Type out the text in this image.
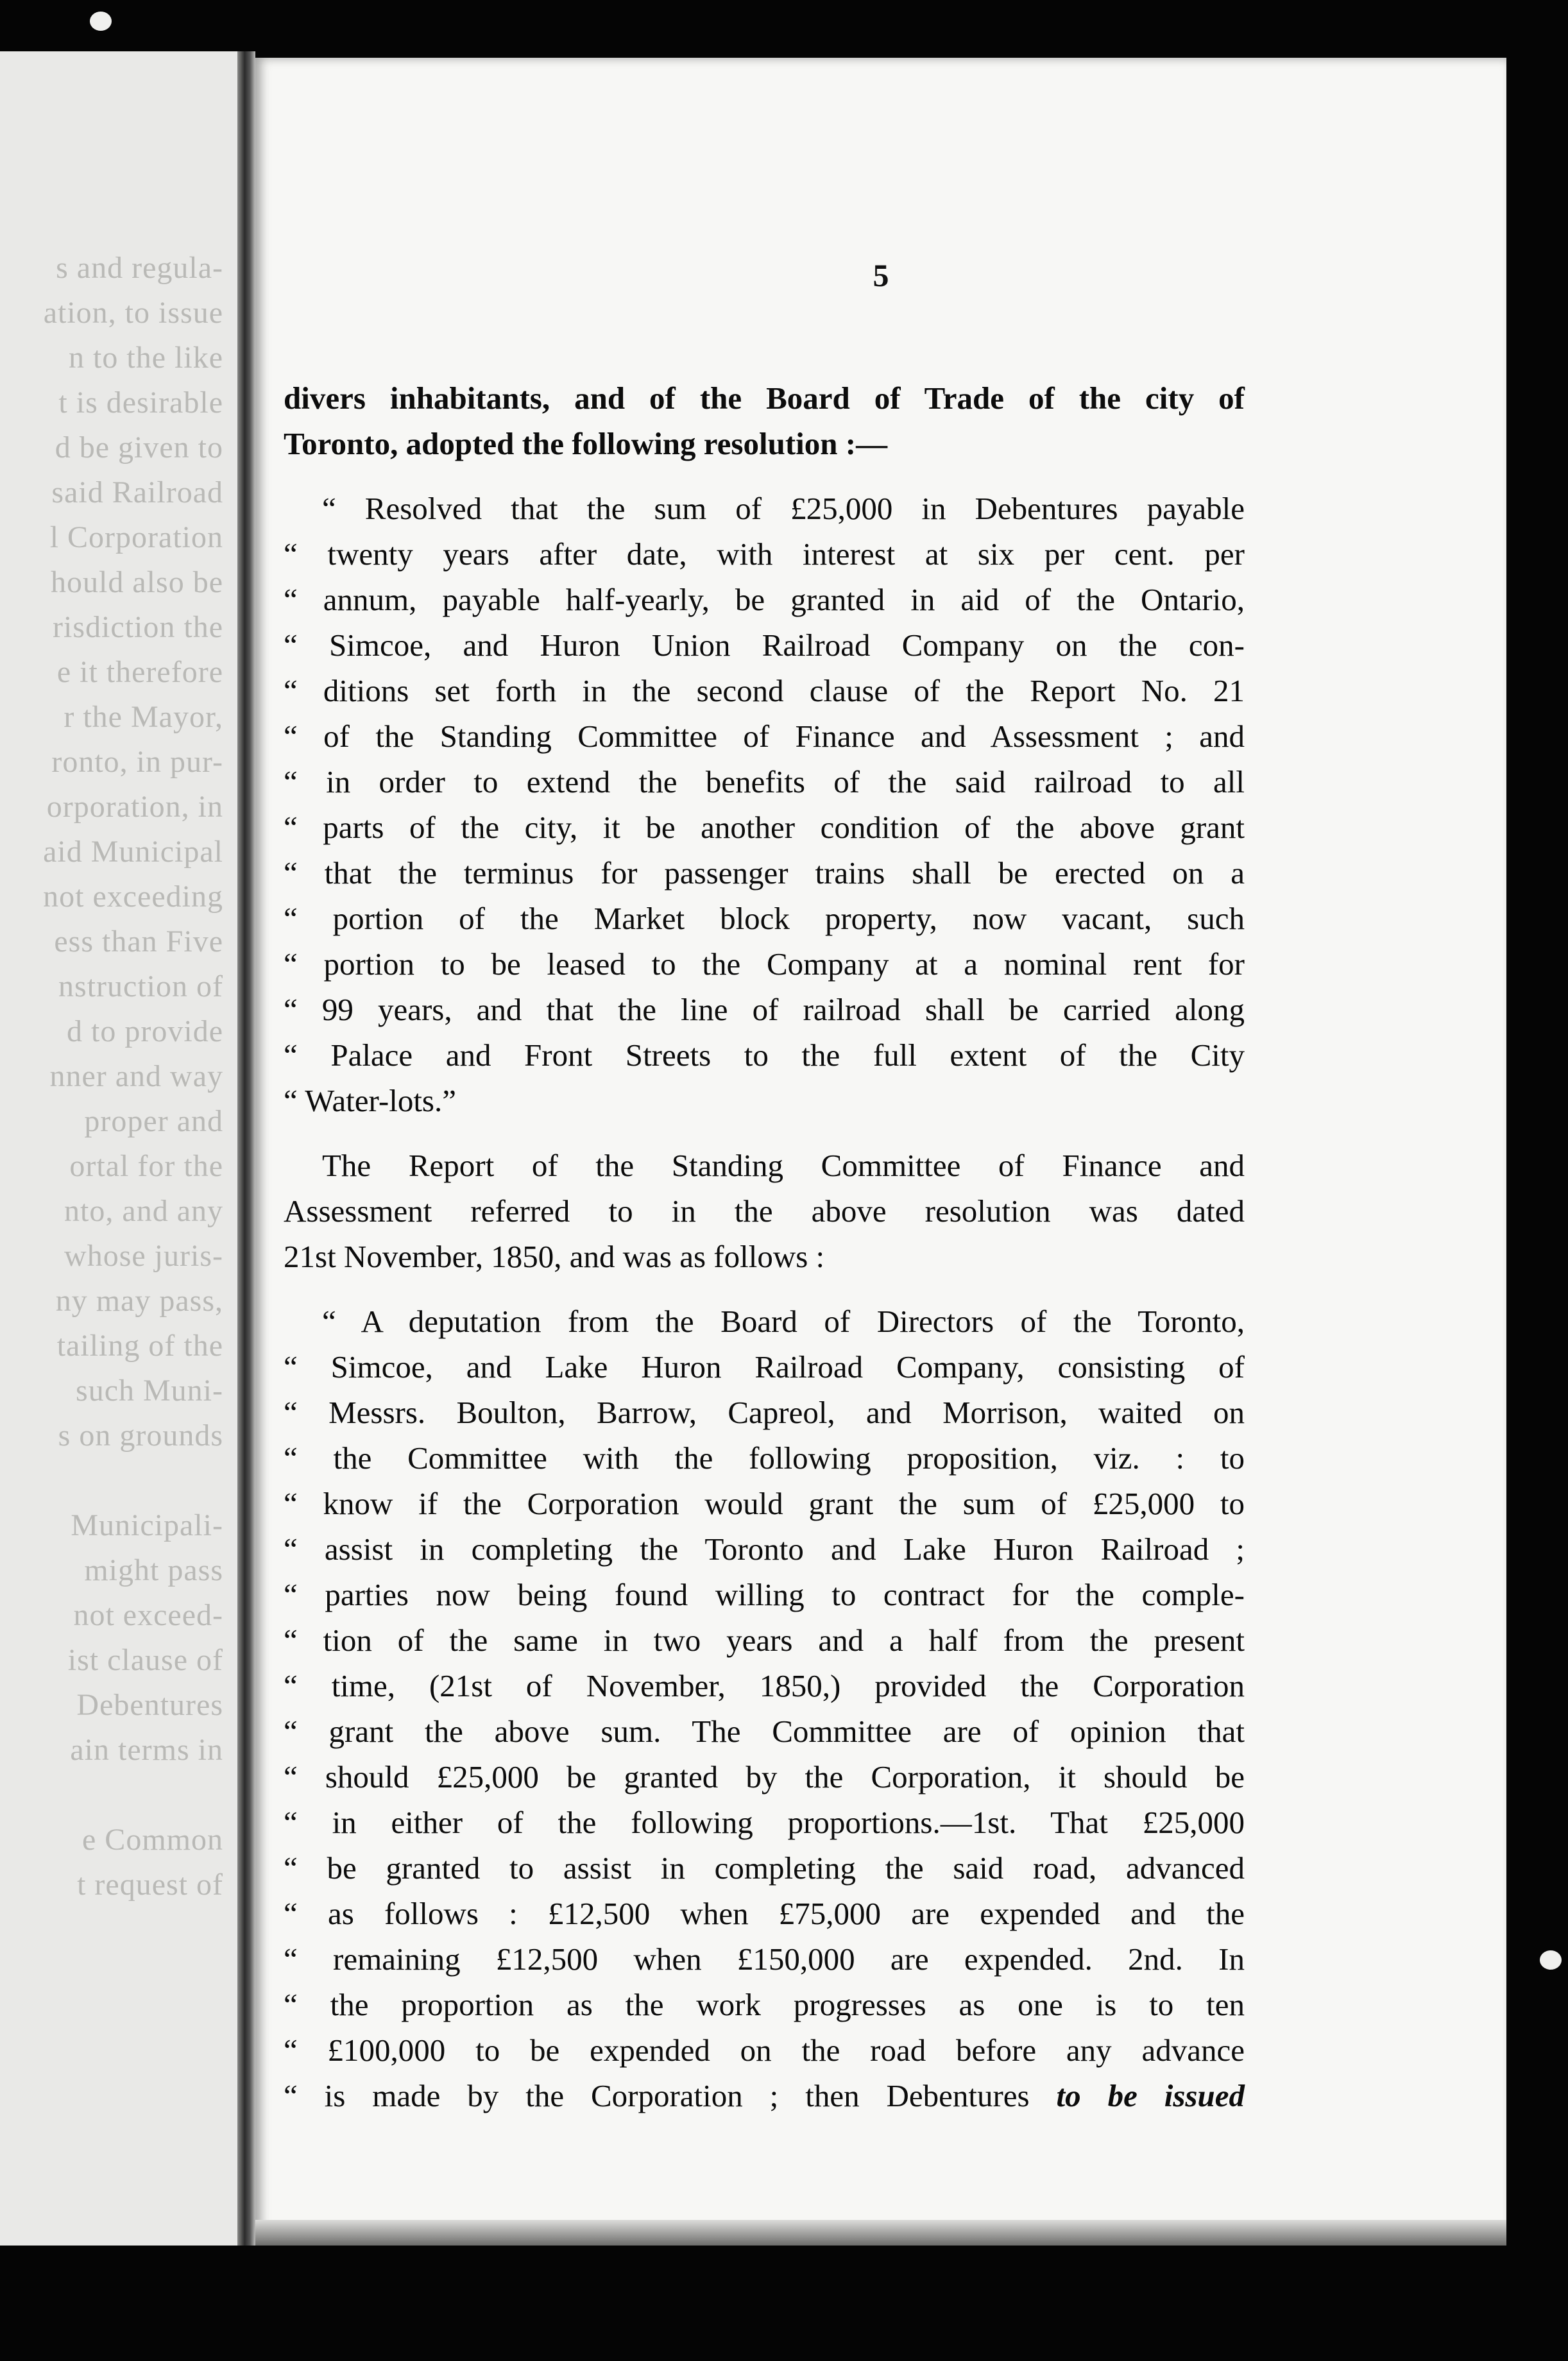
s and regula-
ation, to issue
n to the like
t is desirable
d be given to
said Railroad
l Corporation
hould also be
risdiction the
e it therefore
r the Mayor,
ronto, in pur-
orporation, in
aid Municipal
not exceeding
ess than Five
nstruction of
d to provide
nner and way
proper and
ortal for the
nto, and any
whose juris-
ny may pass,
tailing of the
such Muni-
s on grounds
Municipali-
might pass
not exceed-
ist clause of
Debentures
ain terms in
e Common
t request of
5
divers inhabitants, and of the Board of Trade of the city of
Toronto, adopted the following resolution :—
“ Resolved that the sum of £25,000 in Debentures payable
“ twenty years after date, with interest at six per cent. per
“ annum, payable half-yearly, be granted in aid of the Ontario,
“ Simcoe, and Huron Union Railroad Company on the con-
“ ditions set forth in the second clause of the Report No. 21
“ of the Standing Committee of Finance and Assessment ; and
“ in order to extend the benefits of the said railroad to all
“ parts of the city, it be another condition of the above grant
“ that the terminus for passenger trains shall be erected on a
“ portion of the Market block property, now vacant, such
“ portion to be leased to the Company at a nominal rent for
“ 99 years, and that the line of railroad shall be carried along
“ Palace and Front Streets to the full extent of the City
“ Water-lots.”
The Report of the Standing Committee of Finance and
Assessment referred to in the above resolution was dated
21st November, 1850, and was as follows :
“ A deputation from the Board of Directors of the Toronto,
“ Simcoe, and Lake Huron Railroad Company, consisting of
“ Messrs. Boulton, Barrow, Capreol, and Morrison, waited on
“ the Committee with the following proposition, viz. : to
“ know if the Corporation would grant the sum of £25,000 to
“ assist in completing the Toronto and Lake Huron Railroad ;
“ parties now being found willing to contract for the comple-
“ tion of the same in two years and a half from the present
“ time, (21st of November, 1850,) provided the Corporation
“ grant the above sum. The Committee are of opinion that
“ should £25,000 be granted by the Corporation, it should be
“ in either of the following proportions.—1st. That £25,000
“ be granted to assist in completing the said road, advanced
“ as follows : £12,500 when £75,000 are expended and the
“ remaining £12,500 when £150,000 are expended. 2nd. In
“ the proportion as the work progresses as one is to ten
“ £100,000 to be expended on the road before any advance
“ is made by the Corporation ; then Debentures to be issued
